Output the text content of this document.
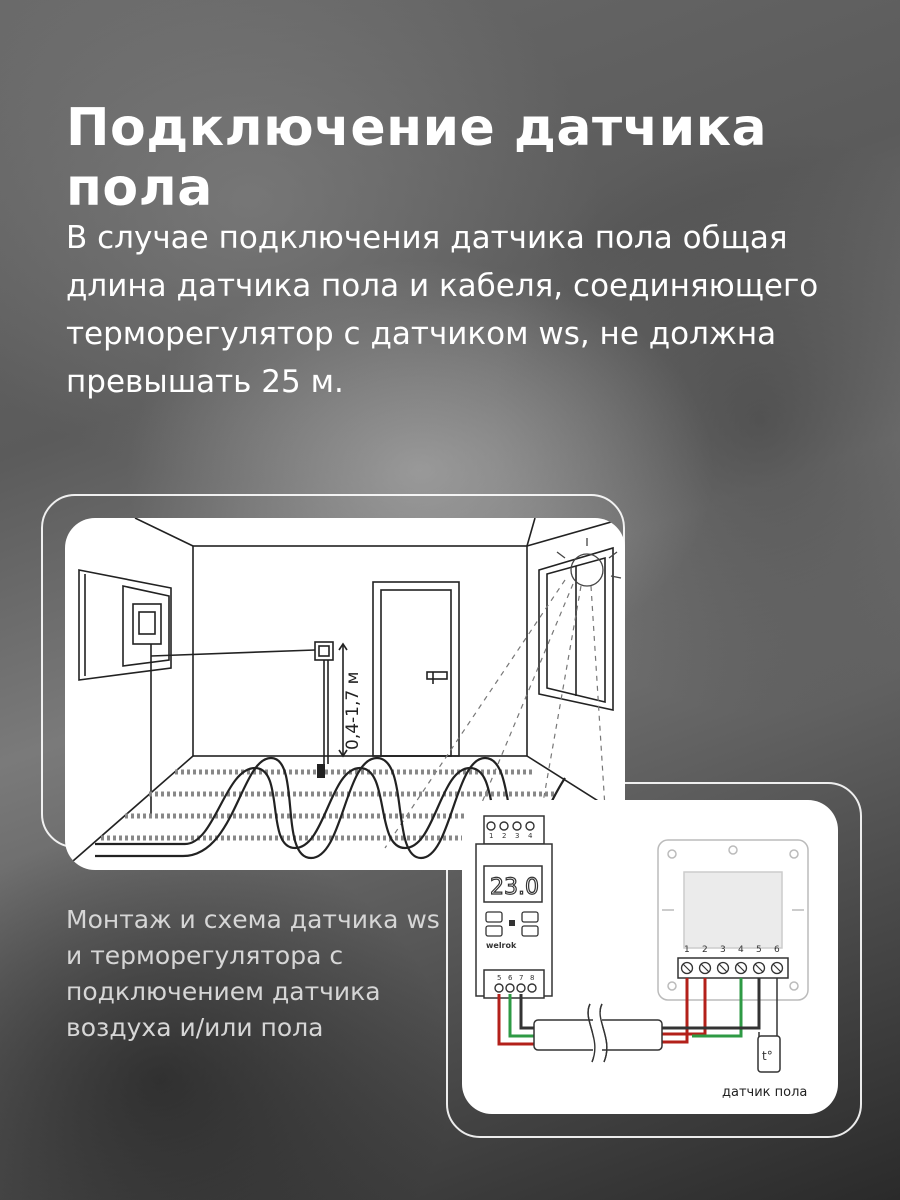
Подключение датчика пола

В случае подключения датчика пола общая длина датчика пола и кабеля, соединяющего терморегулятор с датчиком ws, не должна превышать 25 м.

0,4-1,7 м

Монтаж и схема датчика ws и терморегулятора с подключением датчика воздуха и/или пола

1 2 3 4
5 6 7 8
23.0
welrok	1 2 3 4 5 6
t°
датчик пола
